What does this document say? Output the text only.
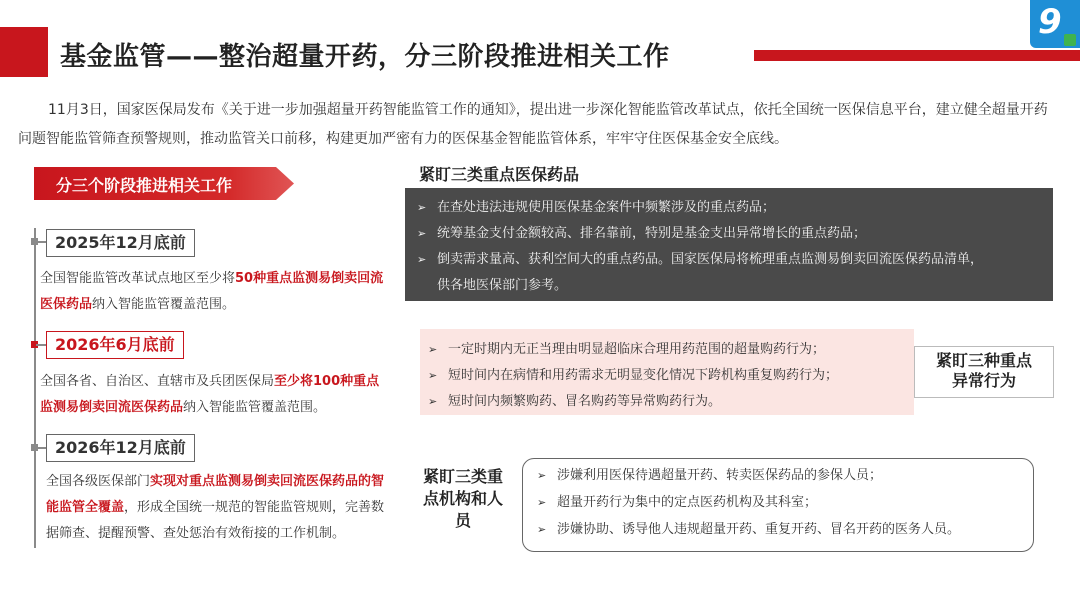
基金监管——整治超量开药，分三阶段推进相关工作
9
11月3日，国家医保局发布《关于进一步加强超量开药智能监管工作的通知》，提出进一步深化智能监管改革试点，依托全国统一医保信息平台，建立健全超量开药问题智能监管筛查预警规则，推动监管关口前移，构建更加严密有力的医保基金智能监管体系，牢牢守住医保基金安全底线。
分三个阶段推进相关工作
2025年12月底前
全国智能监管改革试点地区至少将50种重点监测易倒卖回流医保药品纳入智能监管覆盖范围。
2026年6月底前
全国各省、自治区、直辖市及兵团医保局至少将100种重点监测易倒卖回流医保药品纳入智能监管覆盖范围。
2026年12月底前
全国各级医保部门实现对重点监测易倒卖回流医保药品的智能监管全覆盖，形成全国统一规范的智能监管规则，完善数据筛查、提醒预警、查处惩治有效衔接的工作机制。
紧盯三类重点医保药品
➢ 在查处违法违规使用医保基金案件中频繁涉及的重点药品；
➢ 统筹基金支付金额较高、排名靠前，特别是基金支出异常增长的重点药品；
➢ 倒卖需求量高、获利空间大的重点药品。国家医保局将梳理重点监测易倒卖回流医保药品清单，
供各地医保部门参考。
➢ 一定时期内无正当理由明显超临床合理用药范围的超量购药行为；
➢ 短时间内在病情和用药需求无明显变化情况下跨机构重复购药行为；
➢ 短时间内频繁购药、冒名购药等异常购药行为。
紧盯三种重点异常行为
紧盯三类重点机构和人员
➢ 涉嫌利用医保待遇超量开药、转卖医保药品的参保人员；
➢ 超量开药行为集中的定点医药机构及其科室；
➢ 涉嫌协助、诱导他人违规超量开药、重复开药、冒名开药的医务人员。
